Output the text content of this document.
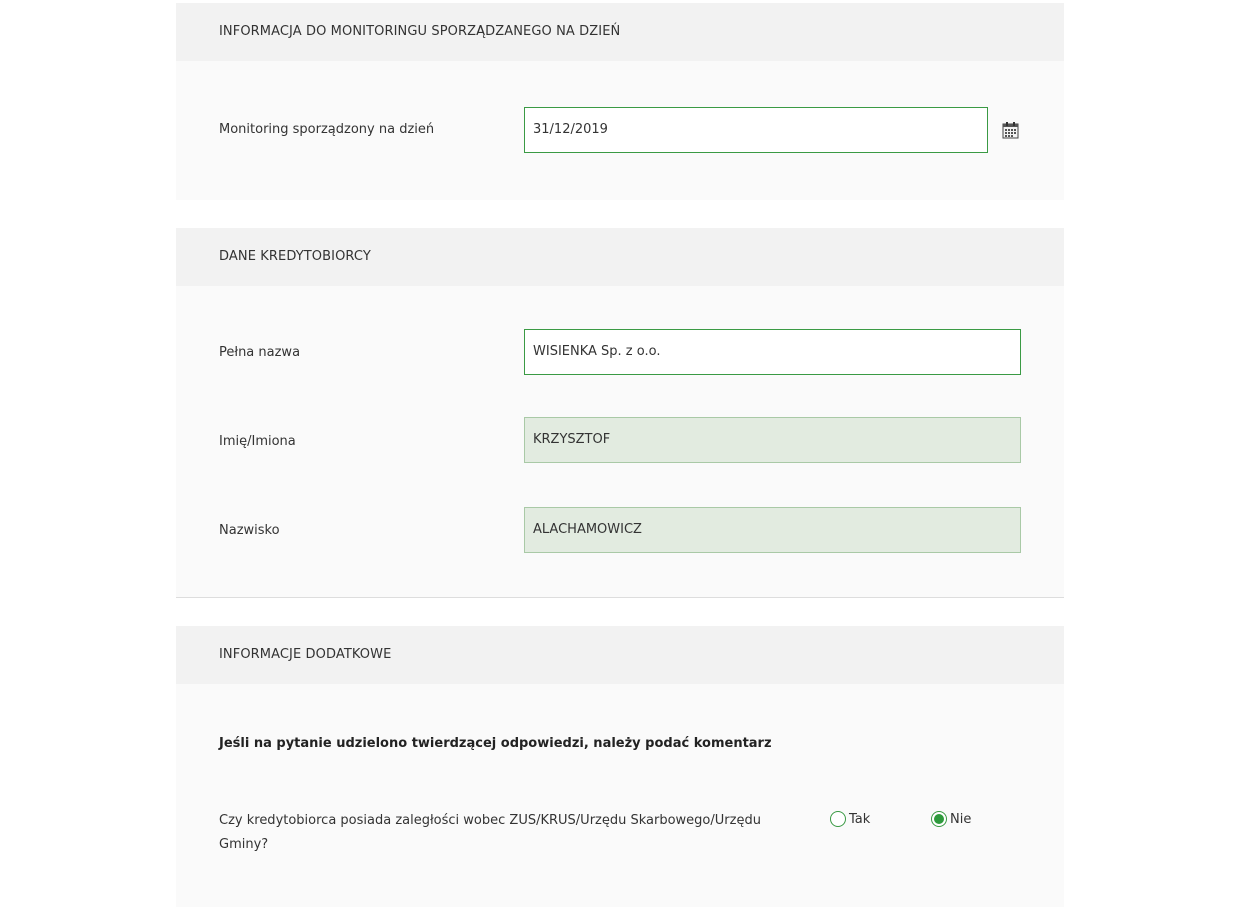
INFORMACJA DO MONITORINGU SPORZĄDZANEGO NA DZIEŃ
Monitoring sporządzony na dzień	31/12/2019
DANE KREDYTOBIORCY
Pełna nazwa	WISIENKA Sp. z o.o.
Imię/Imiona	KRZYSZTOF
Nazwisko	ALACHAMOWICZ
INFORMACJE DODATKOWE
Jeśli na pytanie udzielono twierdzącej odpowiedzi, należy podać komentarz
Czy kredytobiorca posiada zaległości wobec ZUS/KRUS/Urzędu Skarbowego/Urzędu Gminy?
Tak	Nie
